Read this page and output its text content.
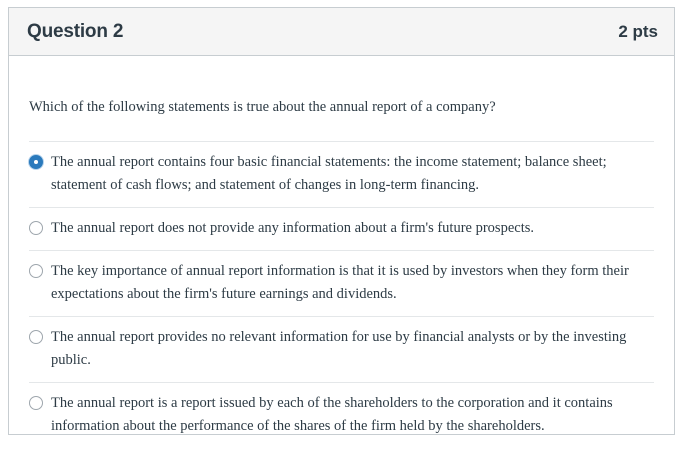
Question 2	2 pts
Which of the following statements is true about the annual report of a company?
The annual report contains four basic financial statements: the income statement; balance sheet; statement of cash flows; and statement of changes in long-term financing.
The annual report does not provide any information about a firm's future prospects.
The key importance of annual report information is that it is used by investors when they form their expectations about the firm's future earnings and dividends.
The annual report provides no relevant information for use by financial analysts or by the investing public.
The annual report is a report issued by each of the shareholders to the corporation and it contains information about the performance of the shares of the firm held by the shareholders.
